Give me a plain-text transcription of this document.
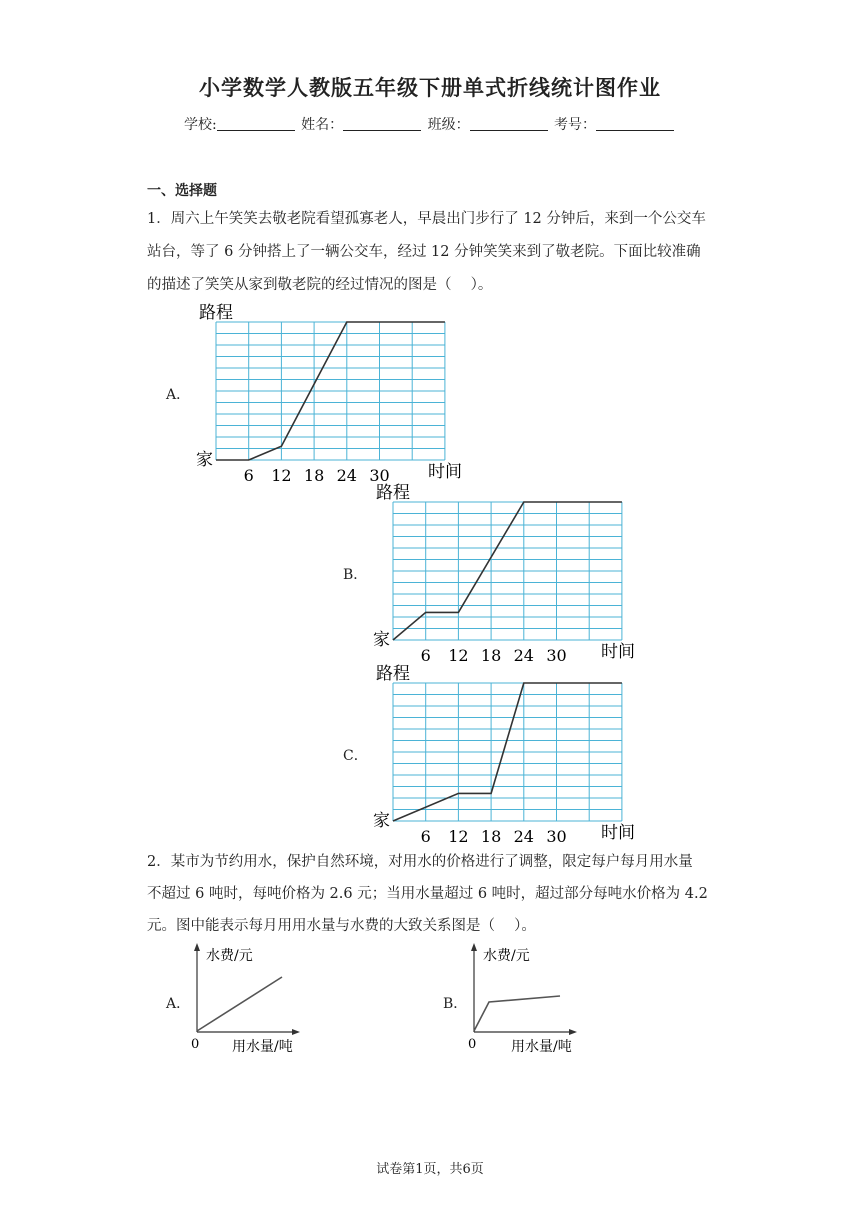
小学数学人教版五年级下册单式折线统计图作业
学校:	姓名：	班级：	考号：
一、选择题
1．周六上午笑笑去敬老院看望孤寡老人，早晨出门步行了 12 分钟后，来到一个公交车
站台，等了 6 分钟搭上了一辆公交车，经过 12 分钟笑笑来到了敬老院。下面比较准确
的描述了笑笑从家到敬老院的经过情况的图是（　 ）。
A．
路程
家
时间
6 12 18 24 30
B．
路程
家
时间
6 12 18 24 30
C．
路程
家
时间
6 12 18 24 30
2．某市为节约用水，保护自然环境，对用水的价格进行了调整，限定每户每月用水量
不超过 6 吨时，每吨价格为 2.6 元；当用水量超过 6 吨时，超过部分每吨水价格为 4.2
元。图中能表示每月用用水量与水费的大致关系图是（　 ）。
A．
水费/元
0 用水量/吨
B．
水费/元
0 用水量/吨
试卷第1页，共6页
